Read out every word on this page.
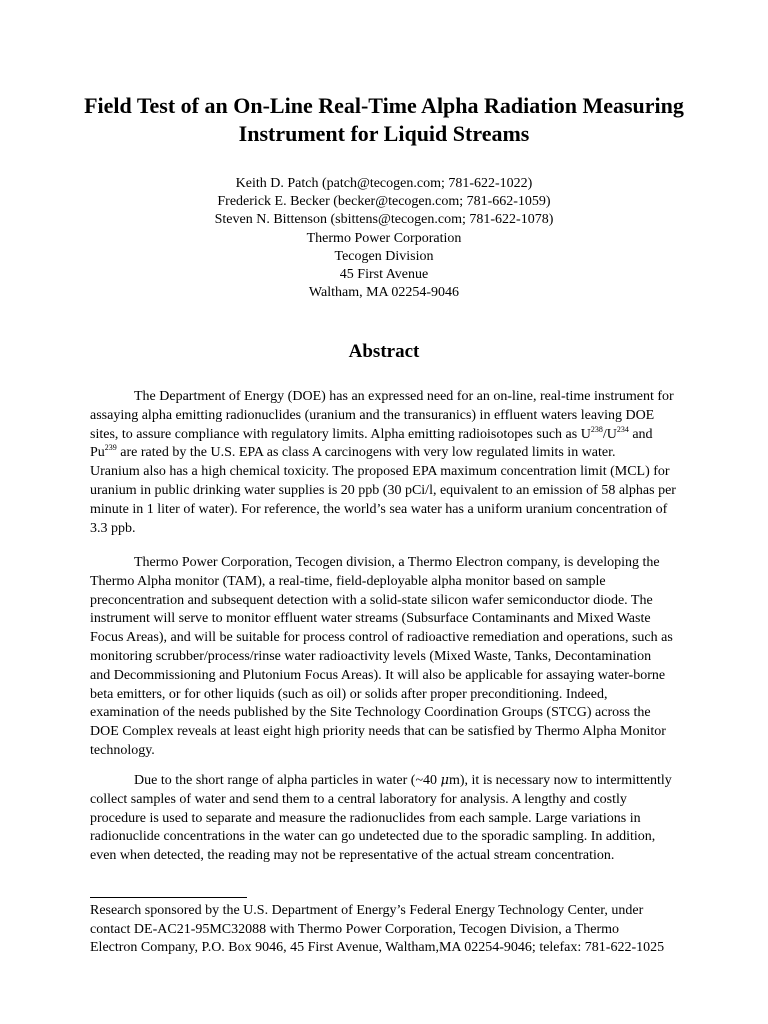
Field Test of an On-Line Real-Time Alpha Radiation Measuring
Instrument for Liquid Streams
Keith D. Patch (patch@tecogen.com; 781-622-1022)
Frederick E. Becker (becker@tecogen.com; 781-662-1059)
Steven N. Bittenson (sbittens@tecogen.com; 781-622-1078)
Thermo Power Corporation
Tecogen Division
45 First Avenue
Waltham, MA 02254-9046
Abstract
The Department of Energy (DOE) has an expressed need for an on-line, real-time instrument for
assaying alpha emitting radionuclides (uranium and the transuranics) in effluent waters leaving DOE
sites, to assure compliance with regulatory limits. Alpha emitting radioisotopes such as $U^{238}/U^{234}$ and
Pu$^{239}$ are rated by the U.S. EPA as class A carcinogens with very low regulated limits in water.
Uranium also has a high chemical toxicity. The proposed EPA maximum concentration limit (MCL) for
uranium in public drinking water supplies is 20 ppb (30 pCi/l, equivalent to an emission of 58 alphas per
minute in 1 liter of water). For reference, the world’s sea water has a uniform uranium concentration of
3.3 ppb.
Thermo Power Corporation, Tecogen division, a Thermo Electron company, is developing the
Thermo Alpha monitor (TAM), a real-time, field-deployable alpha monitor based on sample
preconcentration and subsequent detection with a solid-state silicon wafer semiconductor diode. The
instrument will serve to monitor effluent water streams (Subsurface Contaminants and Mixed Waste
Focus Areas), and will be suitable for process control of radioactive remediation and operations, such as
monitoring scrubber/process/rinse water radioactivity levels (Mixed Waste, Tanks, Decontamination
and Decommissioning and Plutonium Focus Areas). It will also be applicable for assaying water-borne
beta emitters, or for other liquids (such as oil) or solids after proper preconditioning. Indeed,
examination of the needs published by the Site Technology Coordination Groups (STCG) across the
DOE Complex reveals at least eight high priority needs that can be satisfied by Thermo Alpha Monitor
technology.
Due to the short range of alpha particles in water (~40 μm), it is necessary now to intermittently
collect samples of water and send them to a central laboratory for analysis. A lengthy and costly
procedure is used to separate and measure the radionuclides from each sample. Large variations in
radionuclide concentrations in the water can go undetected due to the sporadic sampling. In addition,
even when detected, the reading may not be representative of the actual stream concentration.
Research sponsored by the U.S. Department of Energy’s Federal Energy Technology Center, under
contact DE-AC21-95MC32088 with Thermo Power Corporation, Tecogen Division, a Thermo
Electron Company, P.O. Box 9046, 45 First Avenue, Waltham,MA 02254-9046; telefax: 781-622-1025
